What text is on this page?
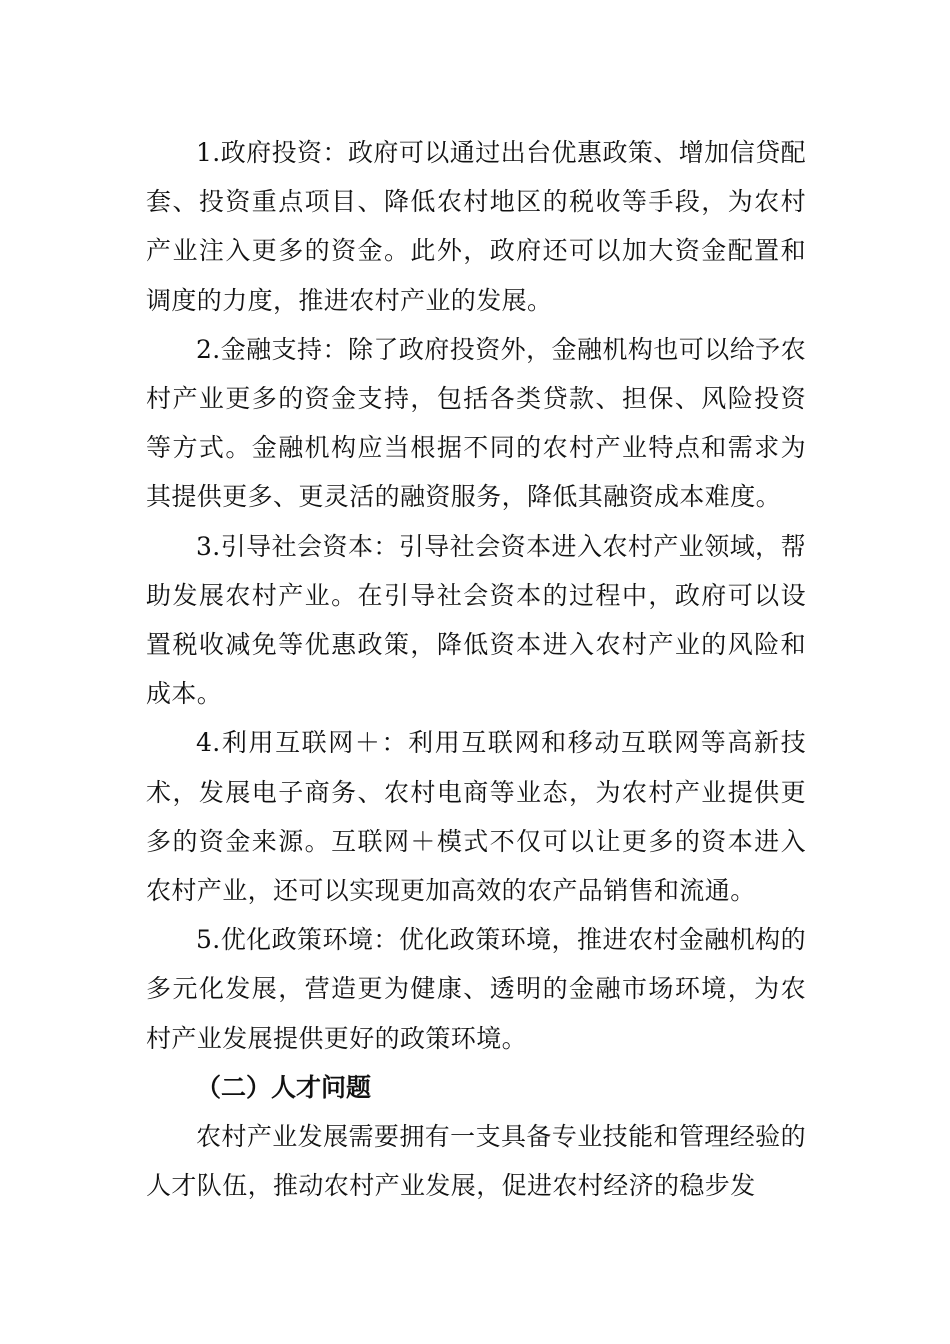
1.政府投资：政府可以通过出台优惠政策、增加信贷配套、投资重点项目、降低农村地区的税收等手段，为农村产业注入更多的资金。此外，政府还可以加大资金配置和调度的力度，推进农村产业的发展。

2.金融支持：除了政府投资外，金融机构也可以给予农村产业更多的资金支持，包括各类贷款、担保、风险投资等方式。金融机构应当根据不同的农村产业特点和需求为其提供更多、更灵活的融资服务，降低其融资成本难度。

3.引导社会资本：引导社会资本进入农村产业领域，帮助发展农村产业。在引导社会资本的过程中，政府可以设置税收减免等优惠政策，降低资本进入农村产业的风险和成本。

4.利用互联网＋：利用互联网和移动互联网等高新技术，发展电子商务、农村电商等业态，为农村产业提供更多的资金来源。互联网＋模式不仅可以让更多的资本进入农村产业，还可以实现更加高效的农产品销售和流通。

5.优化政策环境：优化政策环境，推进农村金融机构的多元化发展，营造更为健康、透明的金融市场环境，为农村产业发展提供更好的政策环境。

（二）人才问题

农村产业发展需要拥有一支具备专业技能和管理经验的人才队伍，推动农村产业发展，促进农村经济的稳步发
